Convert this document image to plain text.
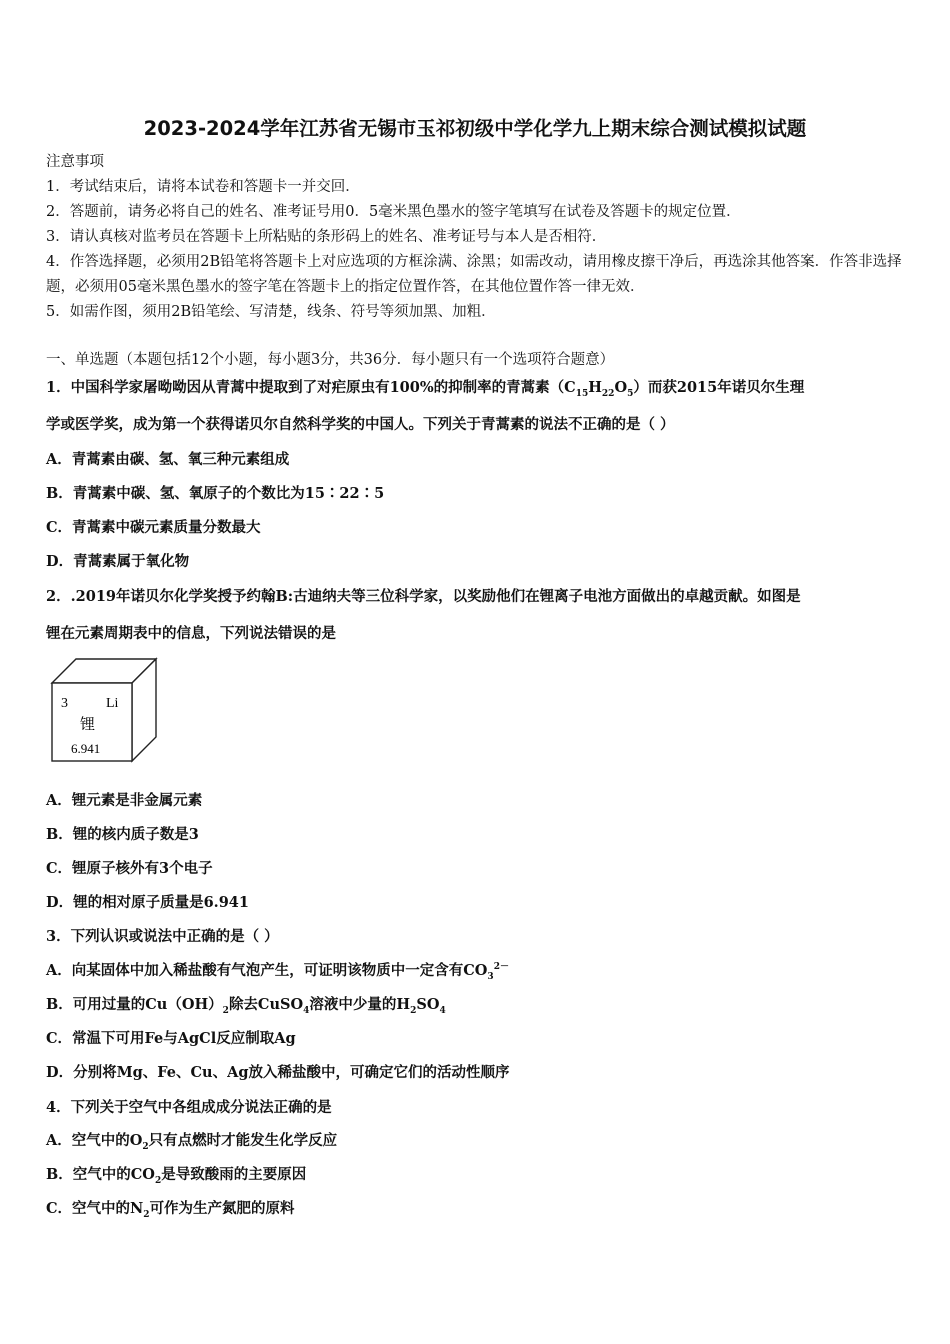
2023-2024学年江苏省无锡市玉祁初级中学化学九上期末综合测试模拟试题

注意事项

1．考试结束后，请将本试卷和答题卡一并交回．

2．答题前，请务必将自己的姓名、准考证号用0．5毫米黑色墨水的签字笔填写在试卷及答题卡的规定位置．

3．请认真核对监考员在答题卡上所粘贴的条形码上的姓名、准考证号与本人是否相符．

4．作答选择题，必须用2B铅笔将答题卡上对应选项的方框涂满、涂黑；如需改动，请用橡皮擦干净后，再选涂其他答案．作答非选择题，必须用05毫米黑色墨水的签字笔在答题卡上的指定位置作答，在其他位置作答一律无效．

5．如需作图，须用2B铅笔绘、写清楚，线条、符号等须加黑、加粗．

一、单选题（本题包括12个小题，每小题3分，共36分．每小题只有一个选项符合题意）
1．中国科学家屠呦呦因从青蒿中提取到了对疟原虫有100%的抑制率的青蒿素$(C_{15}H_{22}O_5)$而获2015年诺贝尔生理
学或医学奖，成为第一个获得诺贝尔自然科学奖的中国人。下列关于青蒿素的说法不正确的是（ ）
A．青蒿素由碳、氢、氧三种元素组成
B．青蒿素中碳、氢、氧原子的个数比为15∶22∶5
C．青蒿素中碳元素质量分数最大
D．青蒿素属于氧化物
2．.2019年诺贝尔化学奖授予约翰B:古迪纳夫等三位科学家，以奖励他们在锂离子电池方面做出的卓越贡献。如图是
锂在元素周期表中的信息，下列说法错误的是
3	Li
锂
6.941
A．锂元素是非金属元素
B．锂的核内质子数是3
C．锂原子核外有3个电子
D．锂的相对原子质量是6.941
3．下列认识或说法中正确的是（ ）
A．向某固体中加入稀盐酸有气泡产生，可证明该物质中一定含有$CO_3^{2-}$
B．可用过量的$Cu(OH)_2$除去CuSO$_4$溶液中少量的$H_2SO_4$
C．常温下可用Fe与AgCl反应制取Ag
D．分别将Mg、Fe、Cu、Ag放入稀盐酸中，可确定它们的活动性顺序
4．下列关于空气中各组成成分说法正确的是
A．空气中的$O_2$只有点燃时才能发生化学反应
B．空气中的$CO_2$是导致酸雨的主要原因
C．空气中的$N_2$可作为生产氮肥的原料
